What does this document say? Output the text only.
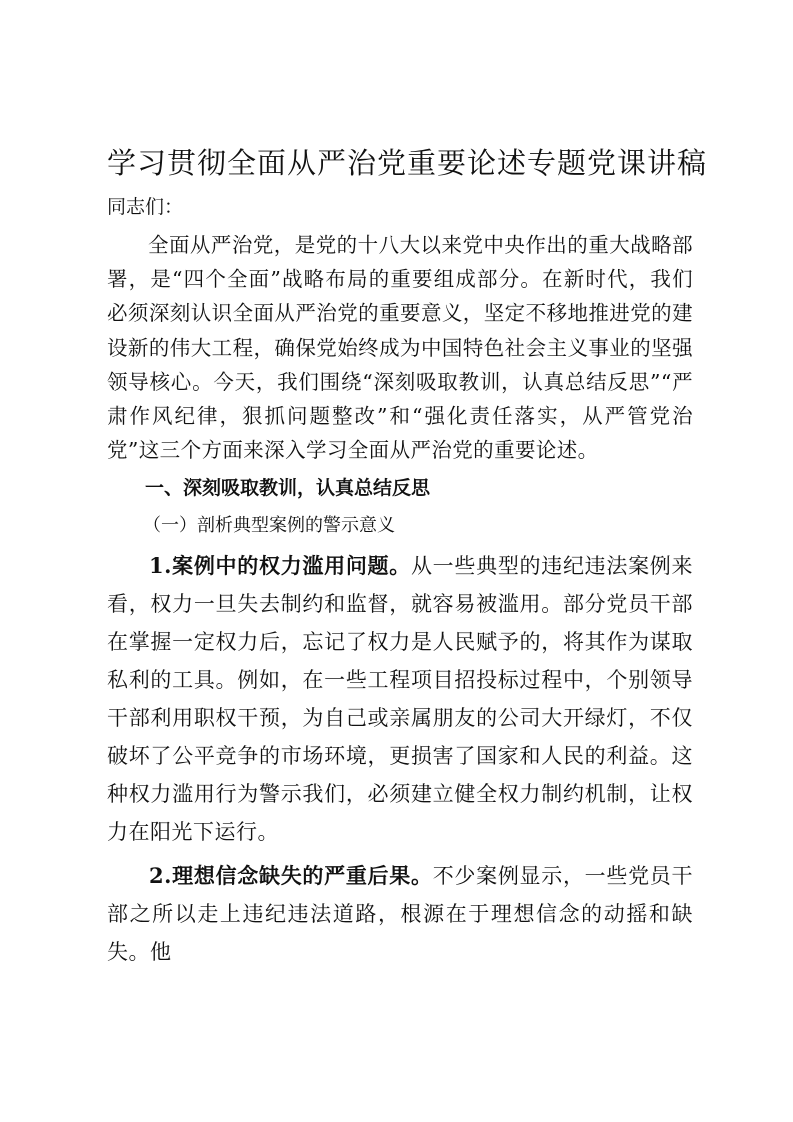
学习贯彻全面从严治党重要论述专题党课讲稿

同志们：

全面从严治党，是党的十八大以来党中央作出的重大战略部署，是“四个全面”战略布局的重要组成部分。在新时代，我们必须深刻认识全面从严治党的重要意义，坚定不移地推进党的建设新的伟大工程，确保党始终成为中国特色社会主义事业的坚强领导核心。今天，我们围绕“深刻吸取教训，认真总结反思”“严肃作风纪律，狠抓问题整改”和“强化责任落实，从严管党治党”这三个方面来深入学习全面从严治党的重要论述。

一、深刻吸取教训，认真总结反思

（一）剖析典型案例的警示意义

1.案例中的权力滥用问题。从一些典型的违纪违法案例来看，权力一旦失去制约和监督，就容易被滥用。部分党员干部在掌握一定权力后，忘记了权力是人民赋予的，将其作为谋取私利的工具。例如，在一些工程项目招投标过程中，个别领导干部利用职权干预，为自己或亲属朋友的公司大开绿灯，不仅破坏了公平竞争的市场环境，更损害了国家和人民的利益。这种权力滥用行为警示我们，必须建立健全权力制约机制，让权力在阳光下运行。

2.理想信念缺失的严重后果。不少案例显示，一些党员干部之所以走上违纪违法道路，根源在于理想信念的动摇和缺失。他
